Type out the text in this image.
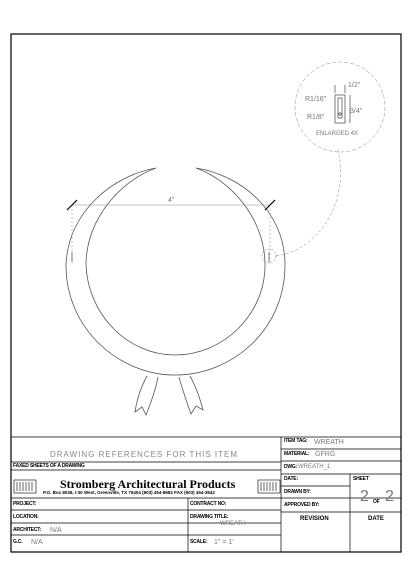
4"
1/2"
3/4"
R1/16"
R1/8"
ENLARGED 4X
DRAWING REFERENCES FOR THIS ITEM
FAXED SHEETS OF A DRAWING
Stromberg Architectural Products
P.O. Box 8036, I-30 West, Greenville, TX 75404 (903) 454-8682 FAX (903) 454-3642
ITEM TAG: WREATH
MATERIAL: GFRG
DWG: WREATH_1
DATE:	SHEET
2 OF 2
DRAWN BY:
APPROVED BY:
REVISION	DATE
PROJECT:	CONTRACT NO:
LOCATION:	DRAWING TITLE:
WREATH
ARCHITECT: N/A
G.C. N/A	SCALE: 1" = 1'
